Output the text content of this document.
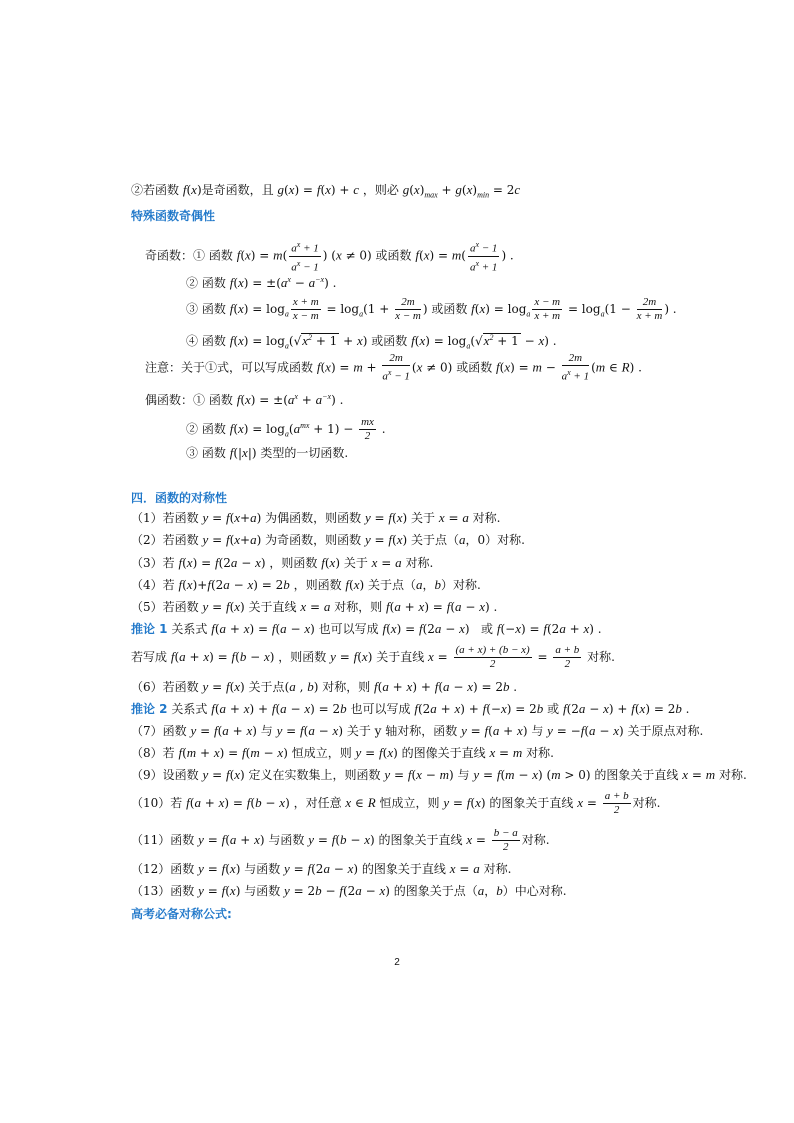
②若函数 f(x)是奇函数，且 g(x) = f(x) + c ，则必 $g(x)_{max} + g(x)_{min} = 2c$
特殊函数奇偶性
奇函数：① 函数 $f(x) = m( \frac{a^x + 1}{a^x - 1}$ ) (x ≠ 0) 或函数 $f(x) = m( \frac{a^x - 1}{a^x + 1}$ ) .
② 函数 $f(x) = \pm(a^x - a^{-x})$ .
③ 函数 $f(x) = \log_a \frac{x + m}{x - m} = \log_a(1 + \frac{2m}{x - m}$ ) 或函数 $f(x) = \log_a \frac{x - m}{x + m} = \log_a(1 - \frac{2m}{x + m}$ ) .
④ 函数 $f(x) = \log_a(√x^2 + 1 + x)$ 或函数 $f(x) = \log_a(√x^2 + 1 - x)$ .
注意：关于①式，可以写成函数 $f(x) = m + \frac{2m}{a^x - 1} (x \ne 0)$ 或函数 $f(x) = m - \frac{2m}{a^x + 1} (m$ ∈ R) .
偶函数：① 函数 $f(x) = \pm(a^x + a^{-x})$ .
② 函数 $f(x) = \log_a(a^{mx} + 1) - \frac{mx}{2}$ .
③ 函数 f(|x|) 类型的一切函数.
四．函数的对称性
（1）若函数 y = f(x+a) 为偶函数，则函数 y = f(x) 关于 x = a 对称.
（2）若函数 y = f(x+a) 为奇函数，则函数 y = f(x) 关于点（a，0）对称.
（3）若 f(x) = f(2a − x) ，则函数 f(x) 关于 x = a 对称.
（4）若 f(x)+f(2a − x) = 2b ，则函数 f(x) 关于点（a，b）对称.
（5）若函数 y = f(x) 关于直线 x = a 对称，则 f(a + x) = f(a − x) .
推论 1 关系式 f(a + x) = f(a − x) 也可以写成 f(x) = f(2a − x)   或 f(−x) = f(2a + x) .
若写成 f(a + x) = f(b − x) ，则函数 y = f(x) 关于直线 $x = \frac{(a + x) + (b - x)}{2} = \frac{a + b}{2}$ 对称.
（6）若函数 y = f(x) 关于点(a , b) 对称，则 f(a + x) + f(a − x) = 2b .
推论 2 关系式 f(a + x) + f(a − x) = 2b 也可以写成 f(2a + x) + f(−x) = 2b 或 f(2a − x) + f(x) = 2b .
（7）函数 y = f(a + x) 与 y = f(a − x) 关于 y 轴对称，函数 y = f(a + x) 与 y = −f(a − x) 关于原点对称.
（8）若 f(m + x) = f(m − x) 恒成立，则 y = f(x) 的图像关于直线 x = m 对称.
（9）设函数 y = f(x) 定义在实数集上，则函数 y = f(x − m) 与 y = f(m − x) (m > 0) 的图象关于直线 x = m 对称.
（10）若 f(a + x) = f(b − x) ，对任意 x ∈ R 恒成立，则 y = f(x) 的图象关于直线 $x = \frac{a + b}{2}$ 对称.
（11）函数 y = f(a + x) 与函数 y = f(b − x) 的图象关于直线 $x = \frac{b - a}{2}$ 对称.
（12）函数 y = f(x) 与函数 y = f(2a − x) 的图象关于直线 x = a 对称.
（13）函数 y = f(x) 与函数 y = 2b − f(2a − x) 的图象关于点（a，b）中心对称.
高考必备对称公式:
2
